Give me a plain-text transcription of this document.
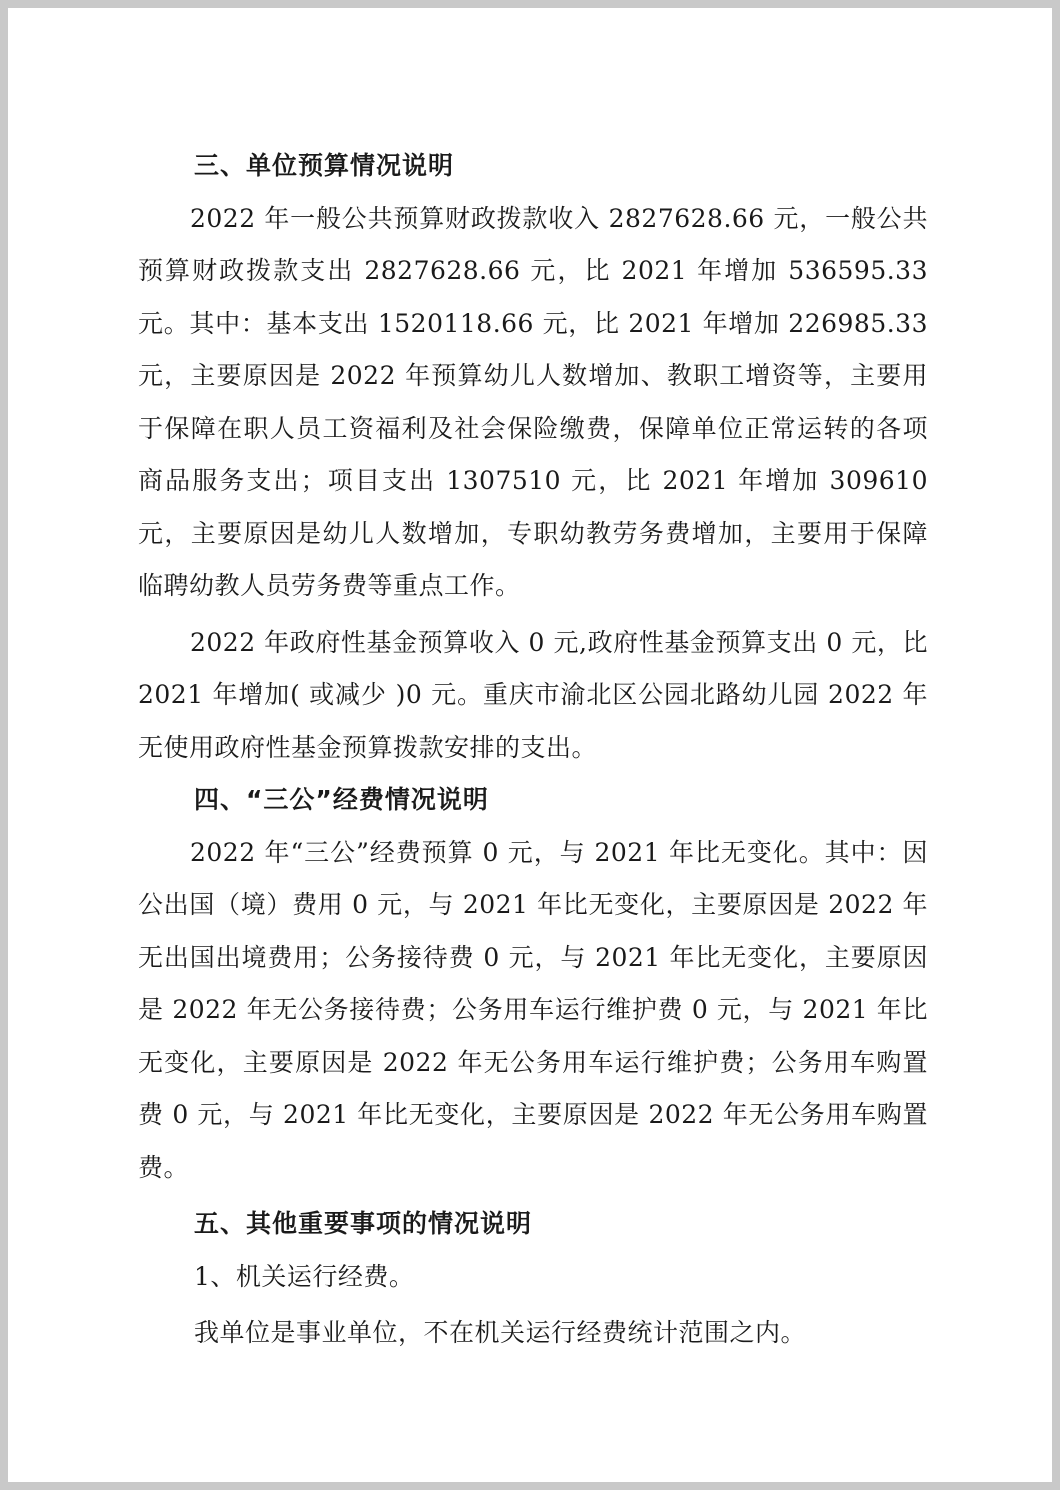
三、单位预算情况说明

2022 年一般公共预算财政拨款收入 2827628.66 元，一般公共预算财政拨款支出 2827628.66 元，比 2021 年增加 536595.33 元。其中：基本支出 1520118.66 元，比 2021 年增加 226985.33 元，主要原因是 2022 年预算幼儿人数增加、教职工增资等，主要用于保障在职人员工资福利及社会保险缴费，保障单位正常运转的各项商品服务支出；项目支出 1307510 元，比 2021 年增加 309610 元，主要原因是幼儿人数增加，专职幼教劳务费增加，主要用于保障临聘幼教人员劳务费等重点工作。

2022 年政府性基金预算收入 0 元,政府性基金预算支出 0 元，比 2021 年增加( 或减少 )0 元。重庆市渝北区公园北路幼儿园 2022 年无使用政府性基金预算拨款安排的支出。

四、“三公”经费情况说明

2022 年“三公”经费预算 0 元，与 2021 年比无变化。其中：因公出国（境）费用 0 元，与 2021 年比无变化，主要原因是 2022 年无出国出境费用；公务接待费 0 元，与 2021 年比无变化，主要原因是 2022 年无公务接待费；公务用车运行维护费 0 元，与 2021 年比无变化，主要原因是 2022 年无公务用车运行维护费；公务用车购置费 0 元，与 2021 年比无变化，主要原因是 2022 年无公务用车购置费。

五、其他重要事项的情况说明
1、机关运行经费。
我单位是事业单位，不在机关运行经费统计范围之内。
